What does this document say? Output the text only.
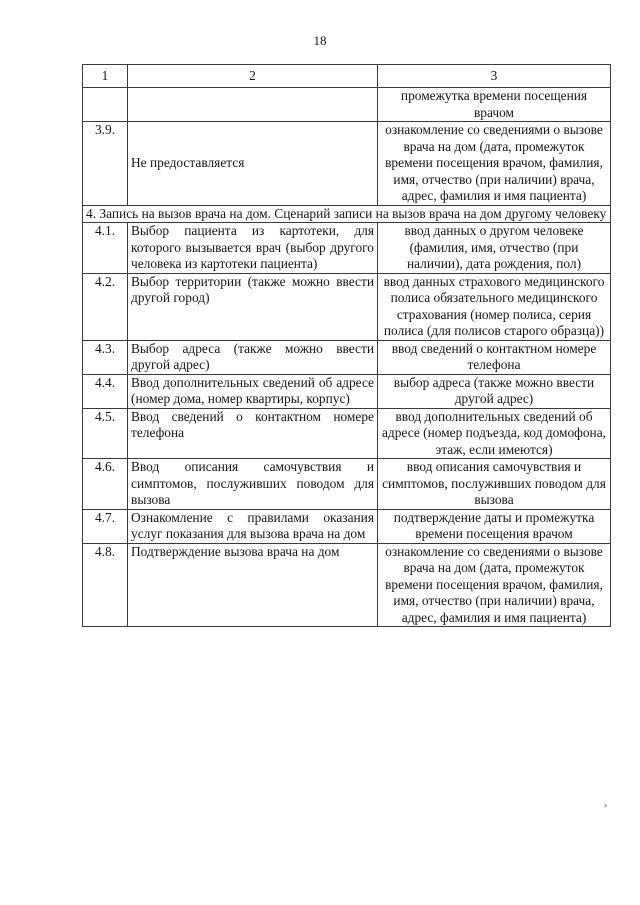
18
1	2	3
		промежутка времени посещения врачом
3.9.	Не предоставляется	ознакомление со сведениями о вызове врача на дом (дата, промежуток времени посещения врачом, фамилия, имя, отчество (при наличии) врача, адрес, фамилия и имя пациента)
4. Запись на вызов врача на дом. Сценарий записи на вызов врача на дом другому человеку		
4.1.	Выбор пациента из картотеки, для которого вызывается врач (выбор другого человека из картотеки пациента)	ввод данных о другом человеке (фамилия, имя, отчество (при наличии), дата рождения, пол)
4.2.	Выбор территории (также можно ввести другой город)	ввод данных страхового медицинского полиса обязательного медицинского страхования (номер полиса, серия полиса (для полисов старого образца))
4.3.	Выбор адреса (также можно ввести другой адрес)	ввод сведений о контактном номере телефона
4.4.	Ввод дополнительных сведений об адресе (номер дома, номер квартиры, корпус)	выбор адреса (также можно ввести другой адрес)
4.5.	Ввод сведений о контактном номере телефона	ввод дополнительных сведений об адресе (номер подъезда, код домофона, этаж, если имеются)
4.6.	Ввод описания самочувствия и симптомов, послуживших поводом для вызова	ввод описания самочувствия и симптомов, послуживших поводом для вызова
4.7.	Ознакомление с правилами оказания услуг показания для вызова врача на дом	подтверждение даты и промежутка времени посещения врачом
4.8.	Подтверждение вызова врача на дом	ознакомление со сведениями о вызове врача на дом (дата, промежуток времени посещения врачом, фамилия, имя, отчество (при наличии) врача, адрес, фамилия и имя пациента)
›
